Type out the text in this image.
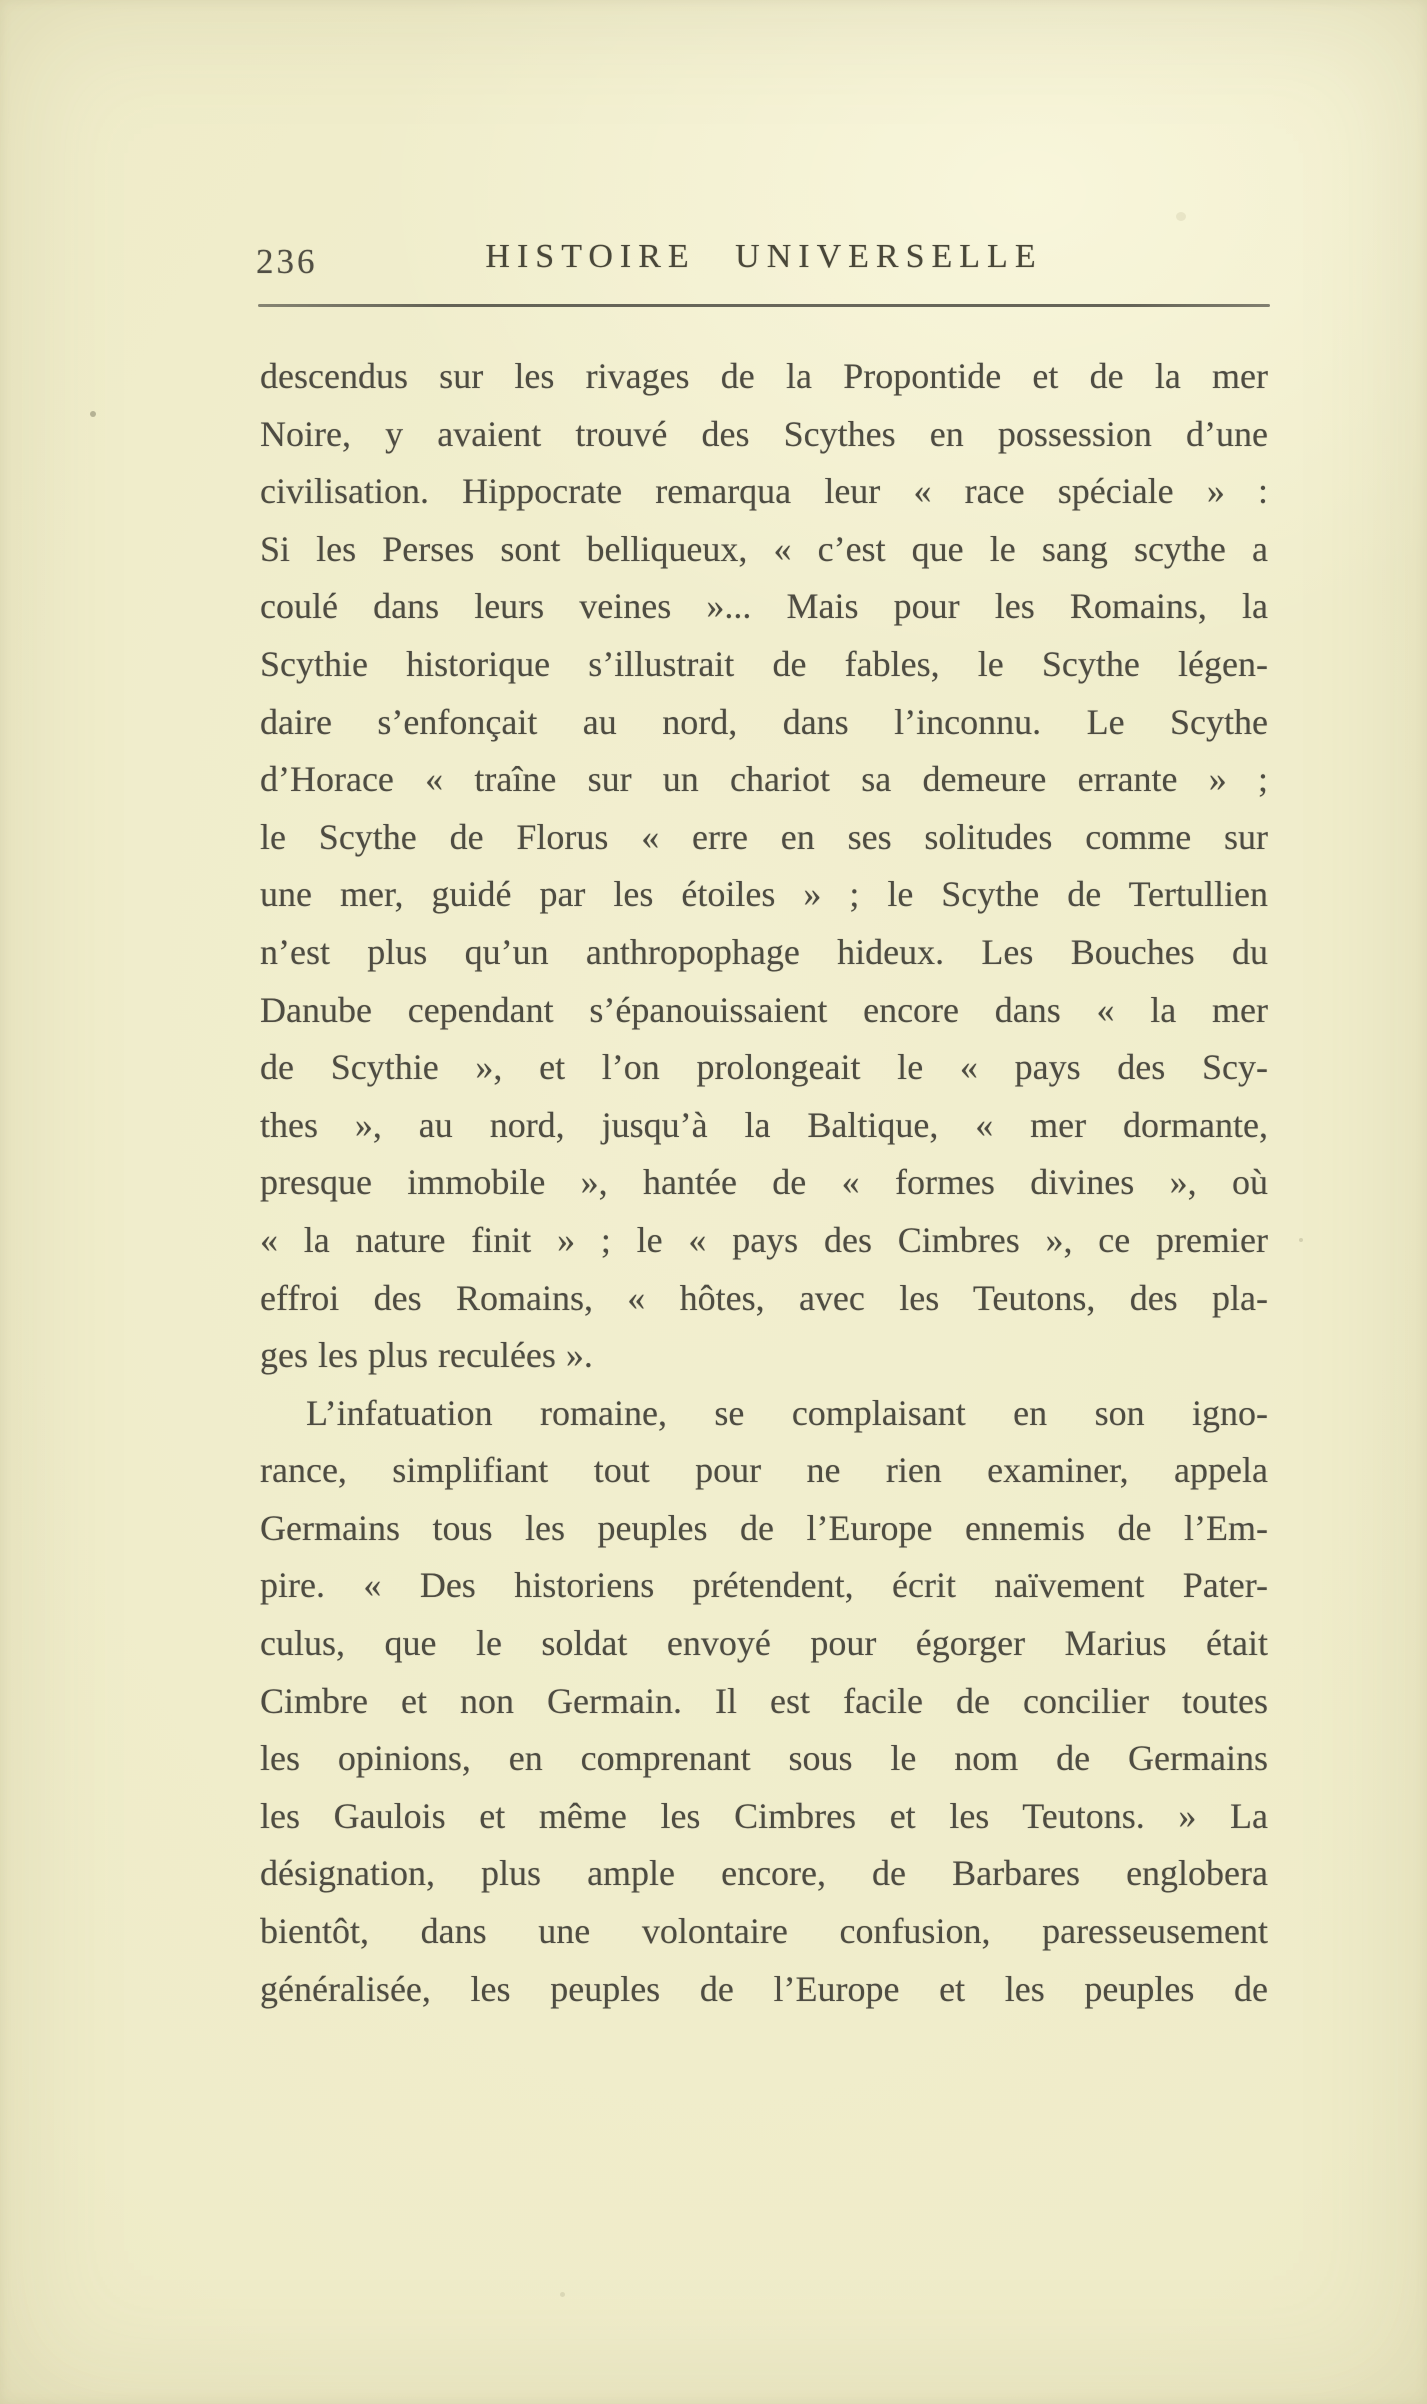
236	HISTOIRE UNIVERSELLE
descendus sur les rivages de la Propontide et de la mer
Noire, y avaient trouvé des Scythes en possession d’une
civilisation. Hippocrate remarqua leur « race spéciale » :
Si les Perses sont belliqueux, « c’est que le sang scythe a
coulé dans leurs veines »... Mais pour les Romains, la
Scythie historique s’illustrait de fables, le Scythe légen-
daire s’enfonçait au nord, dans l’inconnu. Le Scythe
d’Horace « traîne sur un chariot sa demeure errante » ;
le Scythe de Florus « erre en ses solitudes comme sur
une mer, guidé par les étoiles » ; le Scythe de Tertullien
n’est plus qu’un anthropophage hideux. Les Bouches du
Danube cependant s’épanouissaient encore dans « la mer
de Scythie », et l’on prolongeait le « pays des Scy-
thes », au nord, jusqu’à la Baltique, « mer dormante,
presque immobile », hantée de « formes divines », où
« la nature finit » ; le « pays des Cimbres », ce premier
effroi des Romains, « hôtes, avec les Teutons, des pla-
ges les plus reculées ».
L’infatuation romaine, se complaisant en son igno-
rance, simplifiant tout pour ne rien examiner, appela
Germains tous les peuples de l’Europe ennemis de l’Em-
pire. « Des historiens prétendent, écrit naïvement Pater-
culus, que le soldat envoyé pour égorger Marius était
Cimbre et non Germain. Il est facile de concilier toutes
les opinions, en comprenant sous le nom de Germains
les Gaulois et même les Cimbres et les Teutons. » La
désignation, plus ample encore, de Barbares englobera
bientôt, dans une volontaire confusion, paresseusement
généralisée, les peuples de l’Europe et les peuples de
